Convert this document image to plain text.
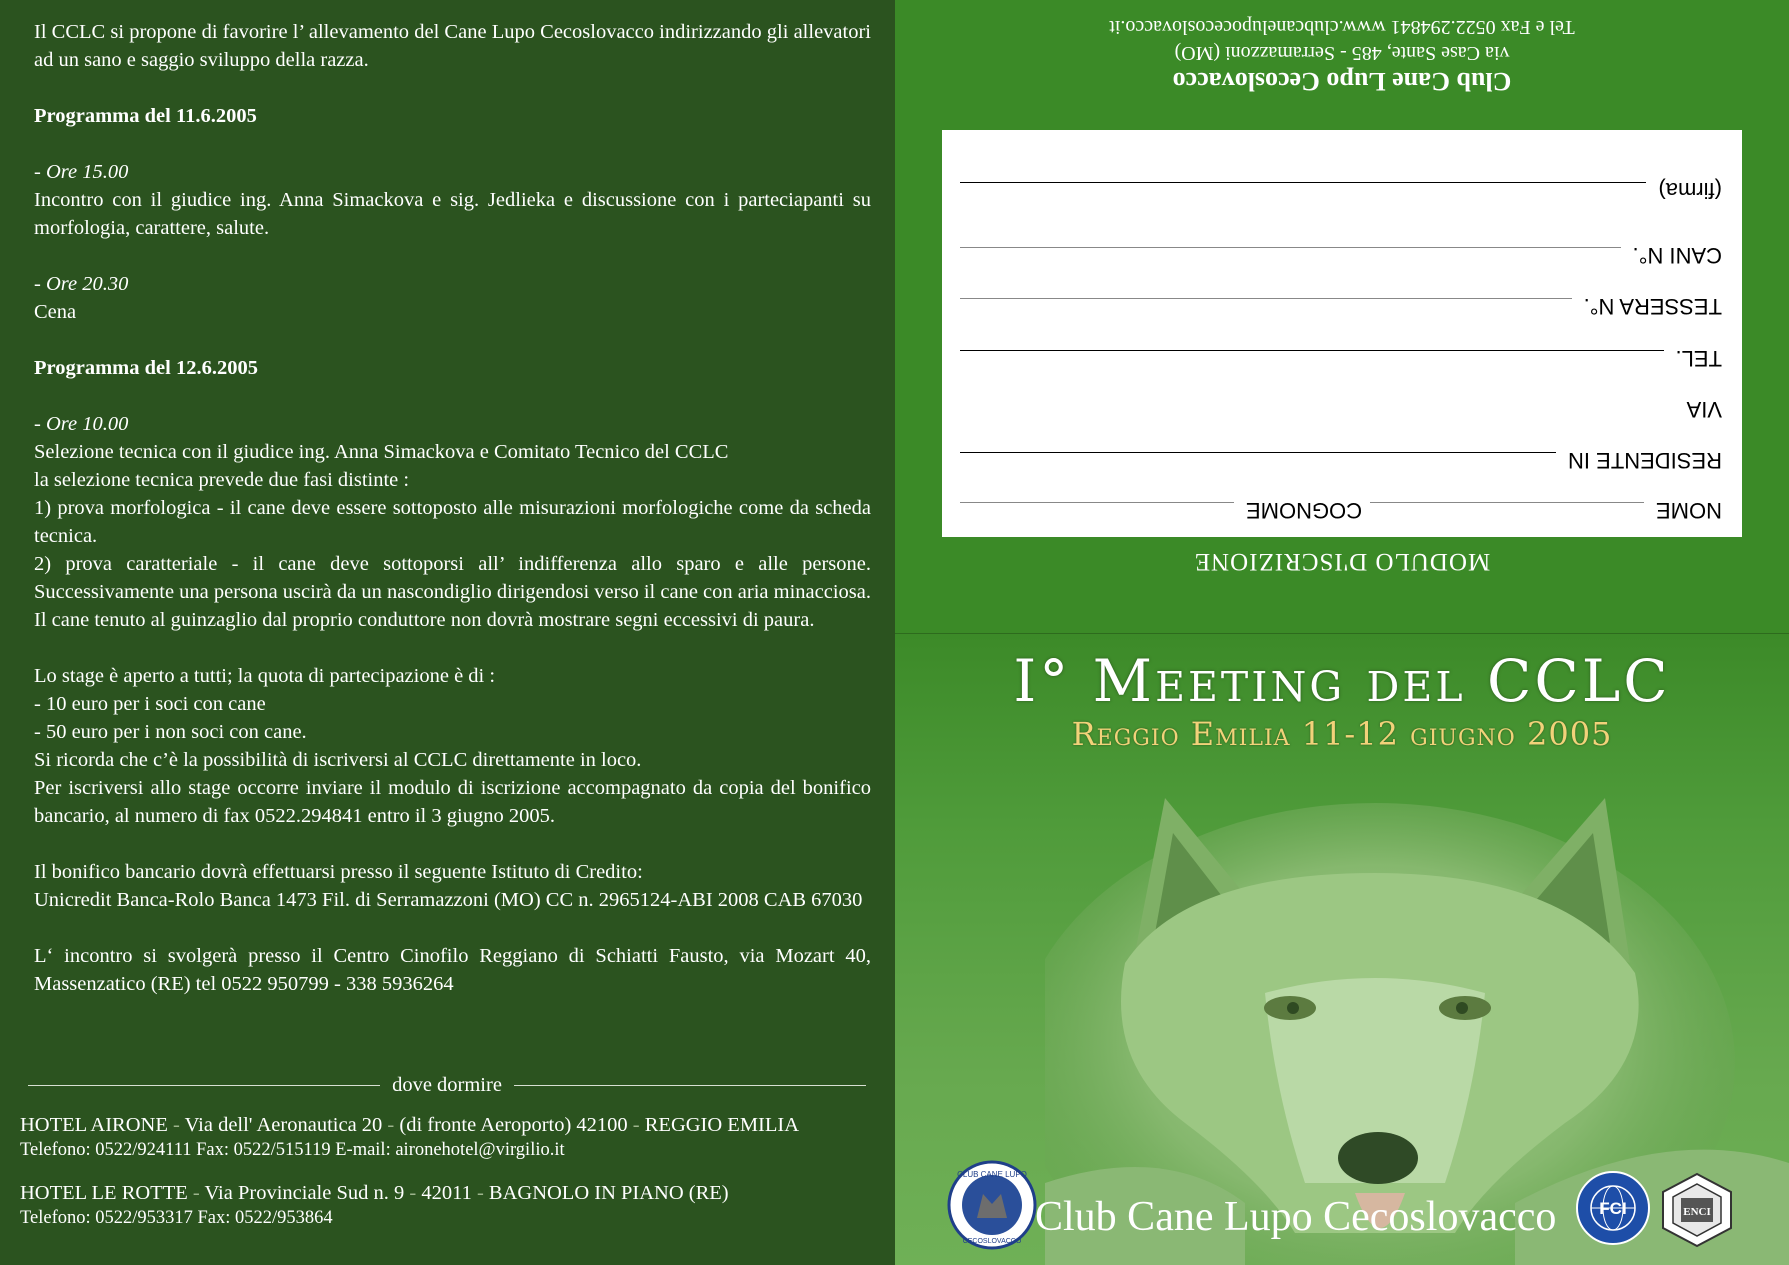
Il CCLC si propone di favorire l’ allevamento del Cane Lupo Cecoslovacco indirizzando gli allevatori ad un sano e saggio sviluppo della razza.

Programma del 11.6.2005

- Ore 15.00

Incontro con il giudice ing. Anna Simackova e sig. Jedlieka e discussione con i parteciapanti su morfologia, carattere, salute.

- Ore 20.30

Cena

Programma del 12.6.2005

- Ore 10.00

Selezione tecnica con il giudice ing. Anna Simackova e Comitato Tecnico del CCLC

la selezione tecnica prevede due fasi distinte :

1) prova morfologica - il cane deve essere sottoposto alle misurazioni morfologiche come da scheda tecnica.

2) prova caratteriale - il cane deve sottoporsi all’ indifferenza allo sparo e alle persone. Successivamente una persona uscirà da un nascondiglio dirigendosi verso il cane con aria minacciosa. Il cane tenuto al guinzaglio dal proprio conduttore non dovrà mostrare segni eccessivi di paura.

Lo stage è aperto a tutti; la quota di partecipazione è di :

- 10 euro per i soci con cane

- 50 euro per i non soci con cane.

Si ricorda che c’è la possibilità di iscriversi al CCLC direttamente in loco.

Per iscriversi allo stage occorre inviare il modulo di iscrizione accompagnato da copia del bonifico bancario, al numero di fax 0522.294841 entro il 3 giugno 2005.

Il bonifico bancario dovrà effettuarsi presso il seguente Istituto di Credito:

Unicredit Banca-Rolo Banca 1473 Fil. di Serramazzoni (MO) CC n. 2965124-ABI 2008 CAB 67030

L‘ incontro si svolgerà presso il Centro Cinofilo Reggiano di Schiatti Fausto, via Mozart 40, Massenzatico (RE) tel 0522 950799 - 338 5936264

dove dormire
HOTEL AIRONE - Via dell' Aeronautica 20 - (di fronte Aeroporto) 42100 - REGGIO EMILIA
Telefono: 0522/924111 Fax: 0522/515119 E-mail: aironehotel@virgilio.it
HOTEL LE ROTTE - Via Provinciale Sud n. 9 - 42011 - BAGNOLO IN PIANO (RE)
Telefono: 0522/953317 Fax: 0522/953864
MODULO D'ISCRIZIONE
NOME
COGNOME
RESIDENTE IN
VIA
TEL.
TESSERA N°.
CANI N°.
(firma)
Club Cane Lupo Cecoslovacco
via Case Sante, 485 - Serramazzoni (MO)
Tel e Fax 0522.294841 www.clubcanelupocecoslovacco.it
I° Meeting del CCLC
Reggio Emilia 11-12 giugno 2005
CLUB CANE LUPO
CECOSLOVACCO
Club Cane Lupo Cecoslovacco	FCI	ENCI
